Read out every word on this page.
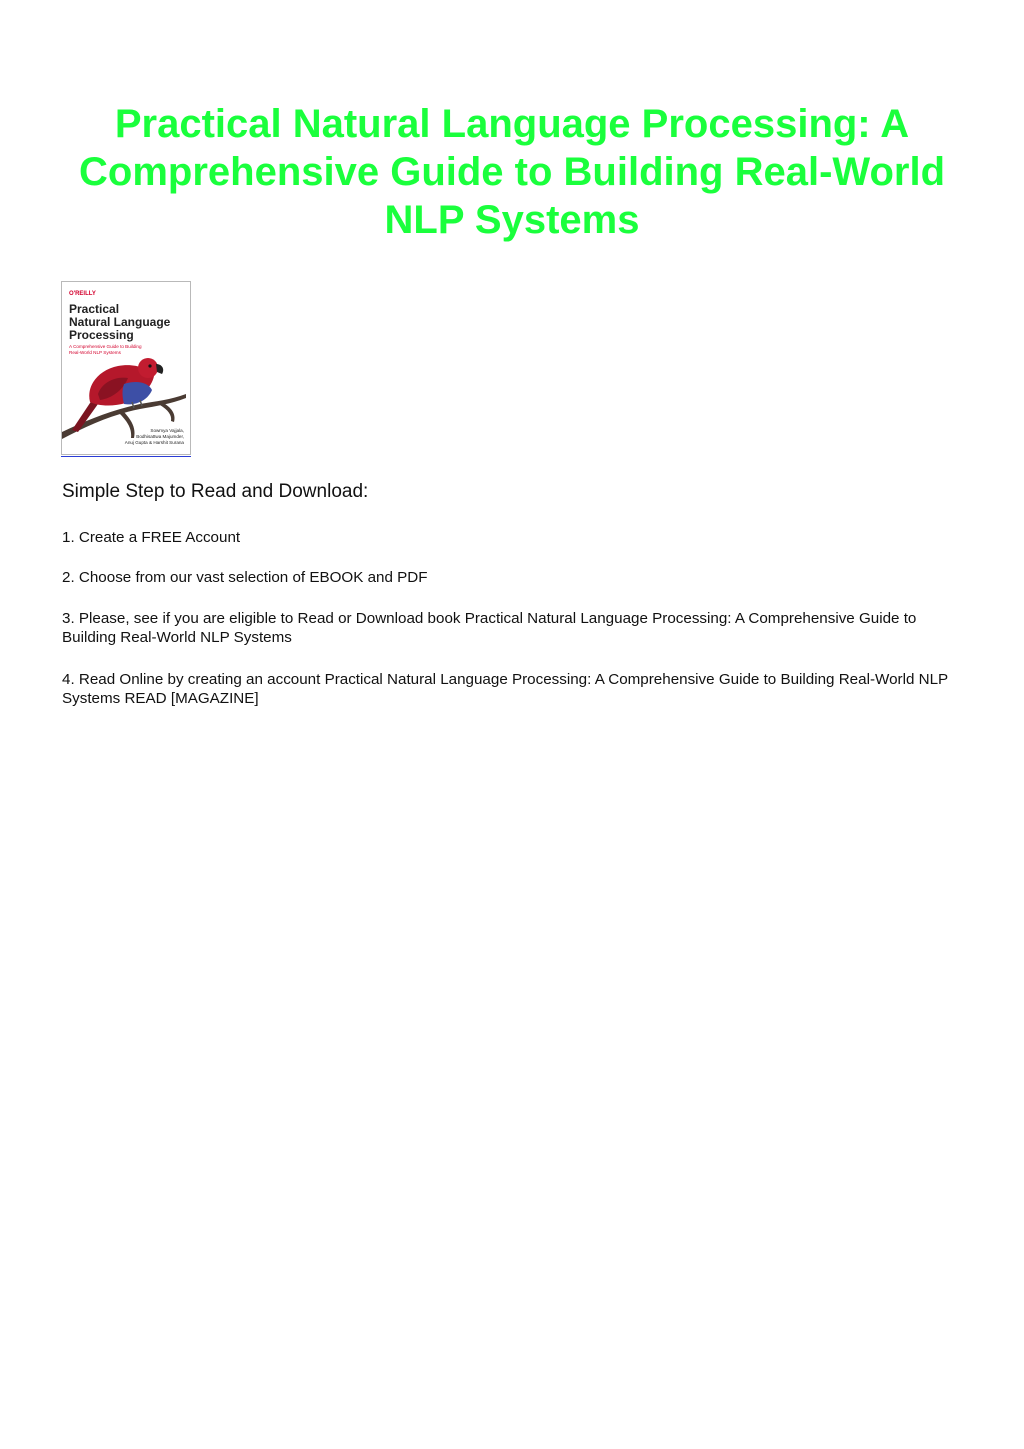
Practical Natural Language Processing: A Comprehensive Guide to Building Real-World NLP Systems
O'REILLY
Practical
Natural Language
Processing
A Comprehensive Guide to Building
Real-World NLP Systems
Sowmya Vajjala,
Bodhisattwa Majumder,
Anuj Gupta & Harshit Surana
Simple Step to Read and Download:

1. Create a FREE Account

2. Choose from our vast selection of EBOOK and PDF

3. Please, see if you are eligible to Read or Download book Practical Natural Language Processing: A Comprehensive Guide to Building Real-World NLP Systems

4. Read Online by creating an account Practical Natural Language Processing: A Comprehensive Guide to Building Real-World NLP Systems READ [MAGAZINE]
